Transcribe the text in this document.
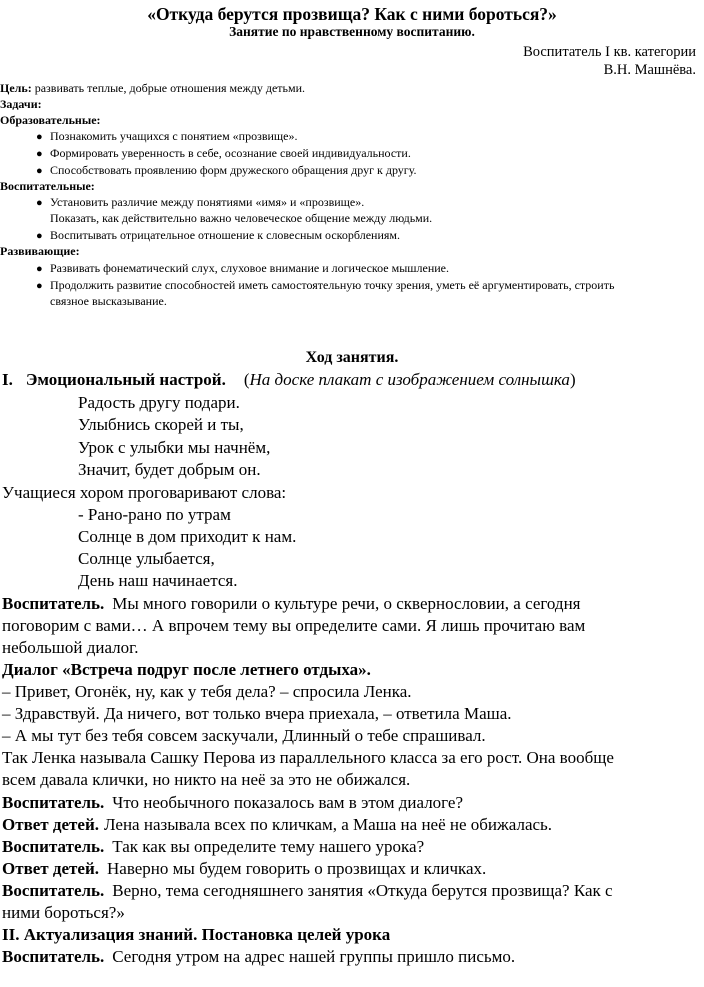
«Откуда берутся прозвища? Как с ними бороться?»
Занятие по нравственному воспитанию.
Воспитатель I кв. категории
В.Н. Машнёва.
Цель: развивать теплые, добрые отношения между детьми.
Задачи:
Образовательные:
● Познакомить учащихся с понятием «прозвище».
● Формировать уверенность в себе, осознание своей индивидуальности.
● Способствовать проявлению форм дружеского обращения друг к другу.
Воспитательные:
● Установить различие между понятиями «имя» и «прозвище».
Показать, как действительно важно человеческое общение между людьми.
● Воспитывать отрицательное отношение к словесным оскорблениям.
Развивающие:
● Развивать фонематический слух, слуховое внимание и логическое мышление.
● Продолжить развитие способностей иметь самостоятельную точку зрения, уметь её аргументировать, строить
связное высказывание.
Ход занятия.
I. Эмоциональный настрой. (На доске плакат с изображением солнышка)
Радость другу подари.
Улыбнись скорей и ты,
Урок с улыбки мы начнём,
Значит, будет добрым он.
Учащиеся хором проговаривают слова:
- Рано-рано по утрам
Солнце в дом приходит к нам.
Солнце улыбается,
День наш начинается.
Воспитатель. Мы много говорили о культуре речи, о сквернословии, а сегодня
поговорим с вами… А впрочем тему вы определите сами. Я лишь прочитаю вам
небольшой диалог.
Диалог «Встреча подруг после летнего отдыха».
– Привет, Огонёк, ну, как у тебя дела? – спросила Ленка.
– Здравствуй. Да ничего, вот только вчера приехала, – ответила Маша.
– А мы тут без тебя совсем заскучали, Длинный о тебе спрашивал.
Так Ленка называла Сашку Перова из параллельного класса за его рост. Она вообще
всем давала клички, но никто на неё за это не обижался.
Воспитатель. Что необычного показалось вам в этом диалоге?
Ответ детей. Лена называла всех по кличкам, а Маша на неё не обижалась.
Воспитатель. Так как вы определите тему нашего урока?
Ответ детей. Наверно мы будем говорить о прозвищах и кличках.
Воспитатель. Верно, тема сегодняшнего занятия «Откуда берутся прозвища? Как с
ними бороться?»
II. Актуализация знаний. Постановка целей урока
Воспитатель. Сегодня утром на адрес нашей группы пришло письмо.
